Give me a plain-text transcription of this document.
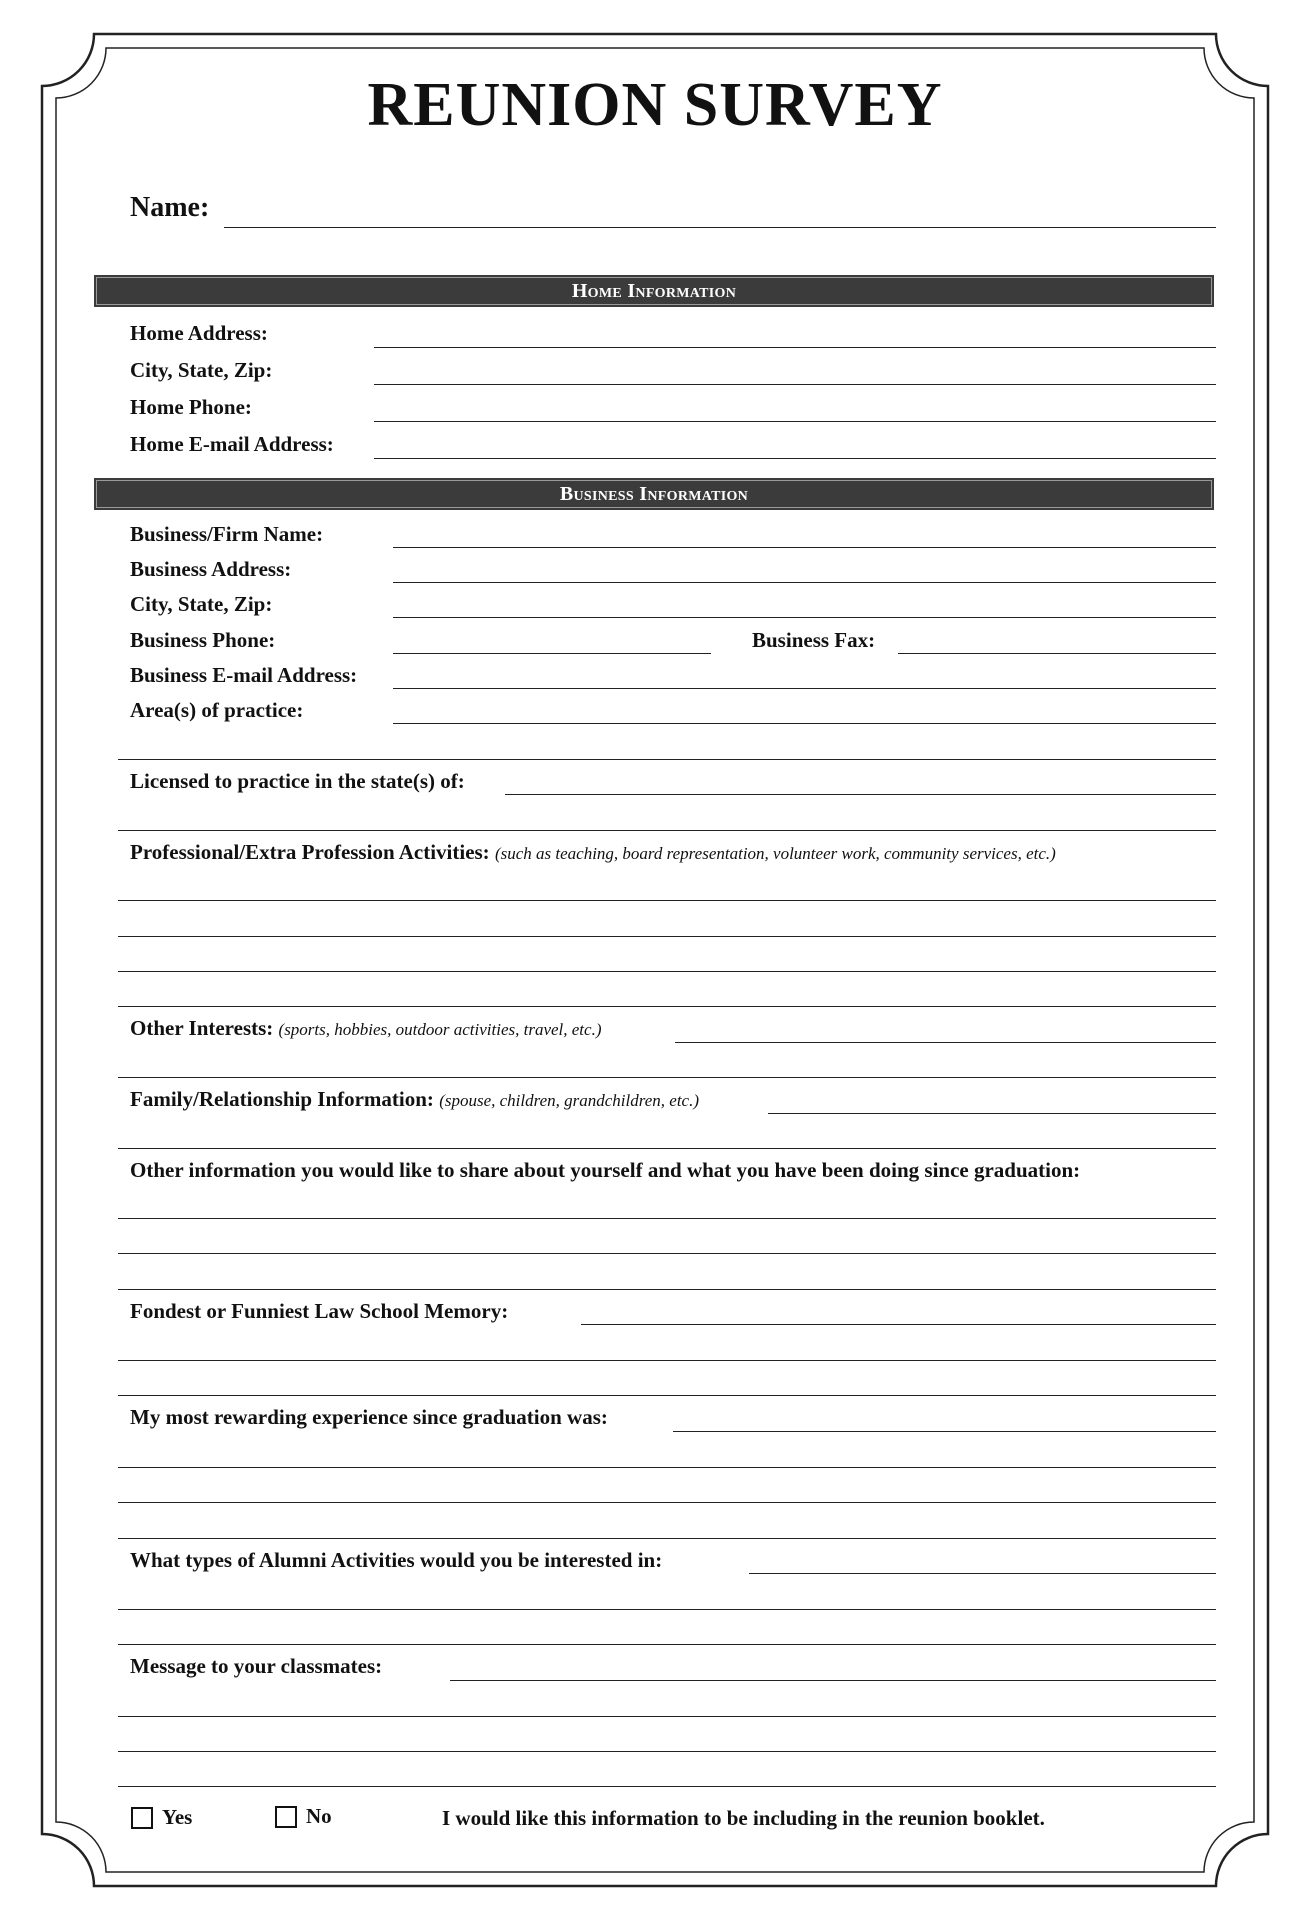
REUNION SURVEY
Name:
Home Information
Home Address:
City, State, Zip:
Home Phone:
Home E-mail Address:
Business Information
Business/Firm Name:
Business Address:
City, State, Zip:
Business Phone:	Business Fax:
Business E-mail Address:
Area(s) of practice:
Licensed to practice in the state(s) of:
Professional/Extra Profession Activities: (such as teaching, board representation, volunteer work, community services, etc.)
Other Interests: (sports, hobbies, outdoor activities, travel, etc.)
Family/Relationship Information: (spouse, children, grandchildren, etc.)
Other information you would like to share about yourself and what you have been doing since graduation:
Fondest or Funniest Law School Memory:
My most rewarding experience since graduation was:
What types of Alumni Activities would you be interested in:
Message to your classmates:
Yes	No	I would like this information to be including in the reunion booklet.
